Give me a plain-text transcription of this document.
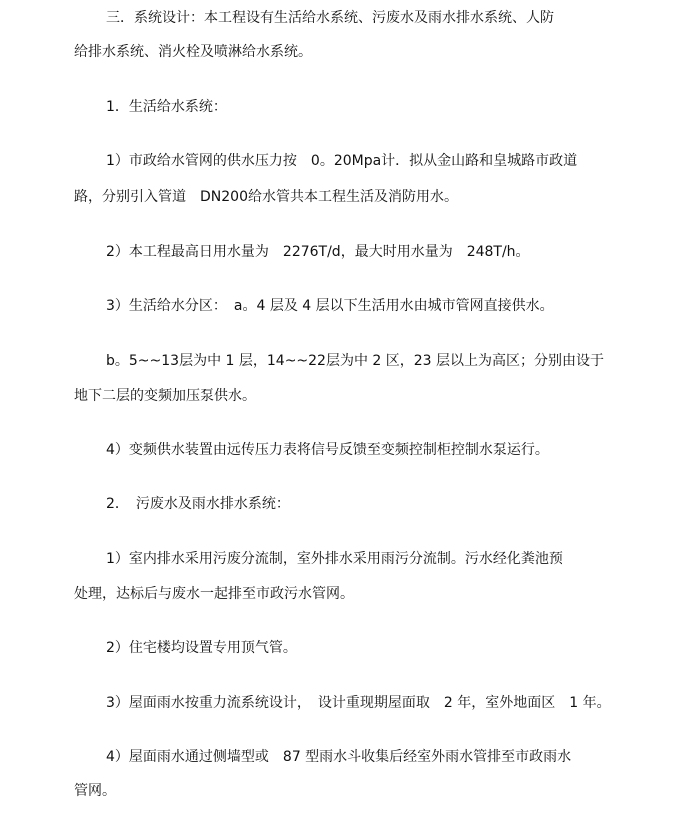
三．系统设计：本工程设有生活给水系统、污废水及雨水排水系统、人防
给排水系统、消火栓及喷淋给水系统。
1．生活给水系统：
1）市政给水管网的供水压力按　0。20Mpa计．拟从金山路和皇城路市政道
路，分别引入管道　DN200给水管共本工程生活及消防用水。
2）本工程最高日用水量为　2276T/d，最大时用水量为　248T/h。
3）生活给水分区：　a。4 层及 4 层以下生活用水由城市管网直接供水。
b。5~~13层为中 1 层，14~~22层为中 2 区，23 层以上为高区；分别由设于
地下二层的变频加压泵供水。
4）变频供水装置由远传压力表将信号反馈至变频控制柜控制水泵运行。
2．　污废水及雨水排水系统：
1）室内排水采用污废分流制，室外排水采用雨污分流制。污水经化粪池预
处理，达标后与废水一起排至市政污水管网。
2）住宅楼均设置专用顶气管。
3）屋面雨水按重力流系统设计，　设计重现期屋面取　2 年，室外地面区　1 年。
4）屋面雨水通过侧墙型或　87 型雨水斗收集后经室外雨水管排至市政雨水
管网。
